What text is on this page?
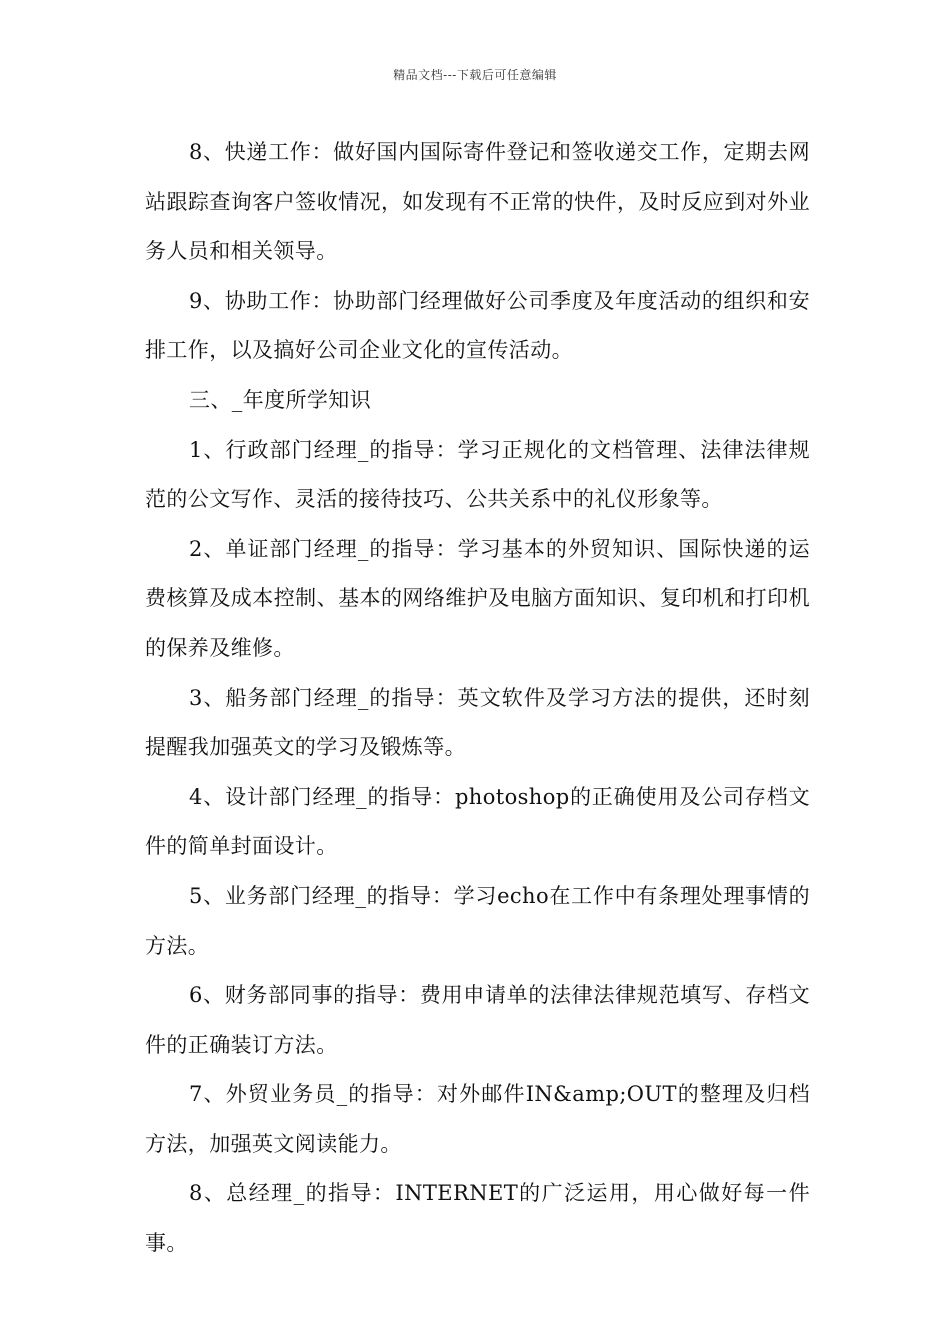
精品文档---下载后可任意编辑

8、快递工作：做好国内国际寄件登记和签收递交工作，定期去网站跟踪查询客户签收情况，如发现有不正常的快件，及时反应到对外业务人员和相关领导。

9、协助工作：协助部门经理做好公司季度及年度活动的组织和安排工作，以及搞好公司企业文化的宣传活动。

三、_年度所学知识

1、行政部门经理_的指导：学习正规化的文档管理、法律法律规范的公文写作、灵活的接待技巧、公共关系中的礼仪形象等。

2、单证部门经理_的指导：学习基本的外贸知识、国际快递的运费核算及成本控制、基本的网络维护及电脑方面知识、复印机和打印机的保养及维修。

3、船务部门经理_的指导：英文软件及学习方法的提供，还时刻提醒我加强英文的学习及锻炼等。

4、设计部门经理_的指导：photoshop的正确使用及公司存档文件的简单封面设计。

5、业务部门经理_的指导：学习echo在工作中有条理处理事情的方法。

6、财务部同事的指导：费用申请单的法律法律规范填写、存档文件的正确装订方法。

7、外贸业务员_的指导：对外邮件IN&amp;OUT的整理及归档方法，加强英文阅读能力。

8、总经理_的指导：INTERNET的广泛运用，用心做好每一件事。
